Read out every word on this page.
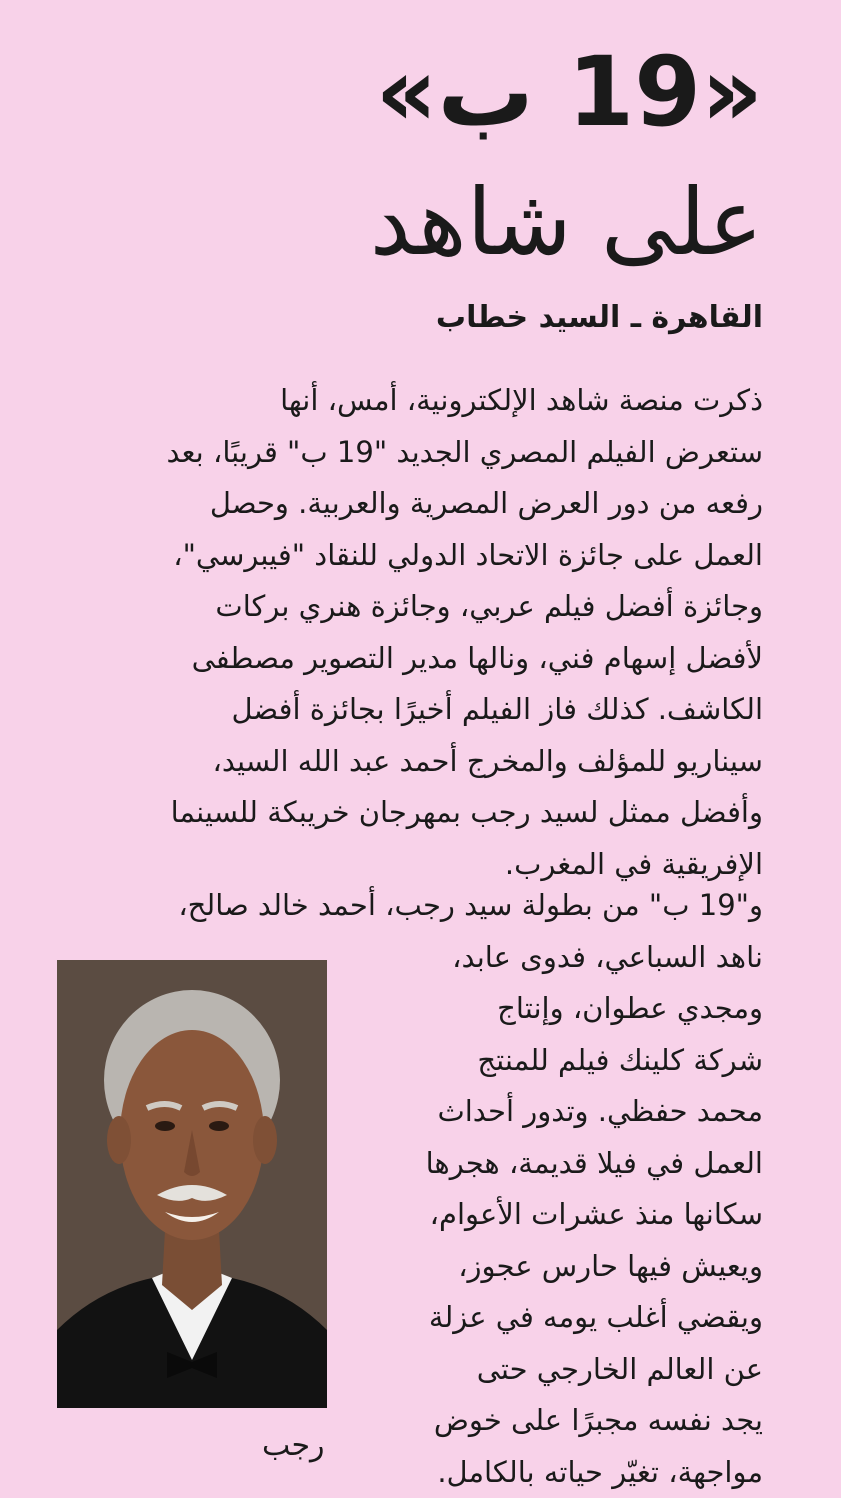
«19 ب»
على شاهد
القاهرة ـ السيد خطاب
ذكرت منصة شاهد الإلكترونية، أمس، أنها
ستعرض الفيلم المصري الجديد "19 ب" قريبًا، بعد
رفعه من دور العرض المصرية والعربية. وحصل
العمل على جائزة الاتحاد الدولي للنقاد "فيبرسي"،
وجائزة أفضل فيلم عربي، وجائزة هنري بركات
لأفضل إسهام فني، ونالها مدير التصوير مصطفى
الكاشف. كذلك فاز الفيلم أخيرًا بجائزة أفضل
سيناريو للمؤلف والمخرج أحمد عبد الله السيد،
وأفضل ممثل لسيد رجب بمهرجان خريبكة للسينما
الإفريقية في المغرب.
و"19 ب" من بطولة سيد رجب، أحمد خالد صالح،
ناهد السباعي، فدوى عابد،
ومجدي عطوان، وإنتاج
شركة كلينك فيلم للمنتج
محمد حفظي. وتدور أحداث
العمل في فيلا قديمة، هجرها
سكانها منذ عشرات الأعوام،
ويعيش فيها حارس عجوز،
ويقضي أغلب يومه في عزلة
عن العالم الخارجي حتى
يجد نفسه مجبرًا على خوض
مواجهة، تغيّر حياته بالكامل.
رجب
